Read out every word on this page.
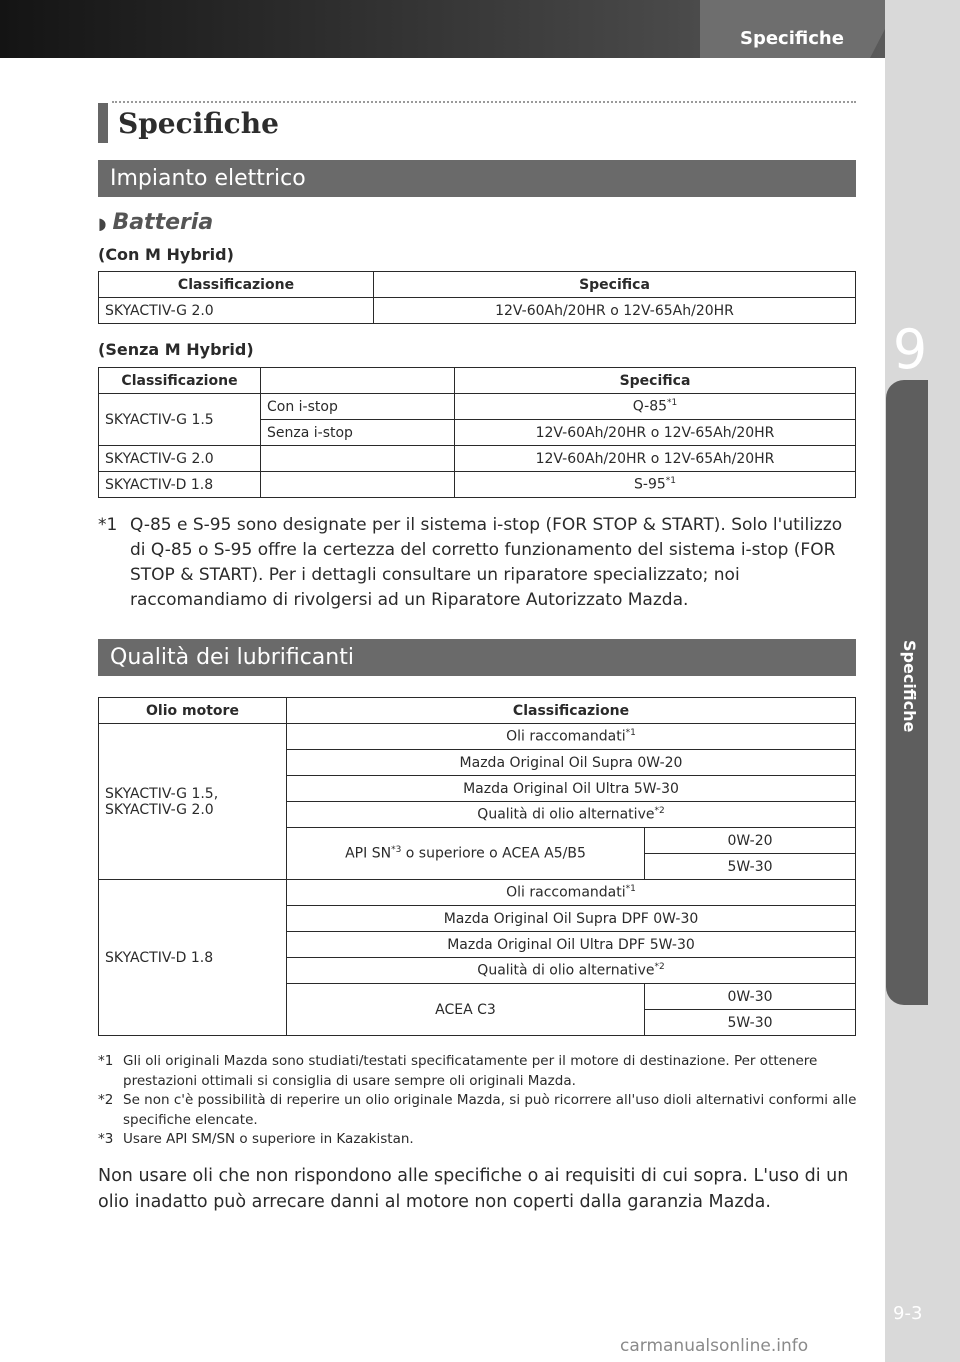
Specifiche
9
Specifiche
9-3
Specifiche
Impianto elettrico
◗ Batteria
(Con M Hybrid)
Classificazione	Specifica
SKYACTIV-G 2.0	12V-60Ah/20HR o 12V-65Ah/20HR
(Senza M Hybrid)
Classificazione		Specifica
SKYACTIV-G 1.5	Con i-stop	Q-85$^{*1}$
	Senza i-stop	12V-60Ah/20HR o 12V-65Ah/20HR
SKYACTIV-G 2.0		12V-60Ah/20HR o 12V-65Ah/20HR
SKYACTIV-D 1.8		S-95$^{*1}$
*1 Q-85 e S-95 sono designate per il sistema i-stop (FOR STOP & START). Solo l'utilizzo di Q-85 o S-95 offre la certezza del corretto funzionamento del sistema i-stop (FOR STOP & START). Per i dettagli consultare un riparatore specializzato; noi raccomandiamo di rivolgersi ad un Riparatore Autorizzato Mazda.
Qualità dei lubrificanti
Olio motore	Classificazione	
SKYACTIV-G 1.5,
SKYACTIV-G 2.0	Oli raccomandati$^{*1}$
	Mazda Original Oil Supra 0W-20	
	Mazda Original Oil Ultra 5W-30	
	Qualità di olio alternative$^{*2}$
	API SN$^{*3}$ o superiore o ACEA A5/B5	0W-20
		5W-30
SKYACTIV-D 1.8	Oli raccomandati$^{*1}$
	Mazda Original Oil Supra DPF 0W-30	
	Mazda Original Oil Ultra DPF 5W-30	
	Qualità di olio alternative$^{*2}$
	ACEA C3	0W-30
		5W-30
*1 Gli oli originali Mazda sono studiati/testati specificatamente per il motore di destinazione. Per ottenere prestazioni ottimali si consiglia di usare sempre oli originali Mazda.
*2 Se non c'è possibilità di reperire un olio originale Mazda, si può ricorrere all'uso dioli alternativi conformi alle specifiche elencate.
*3 Usare API SM/SN o superiore in Kazakistan.
Non usare oli che non rispondono alle specifiche o ai requisiti di cui sopra. L'uso di un olio inadatto può arrecare danni al motore non coperti dalla garanzia Mazda.
carmanualsonline.info
